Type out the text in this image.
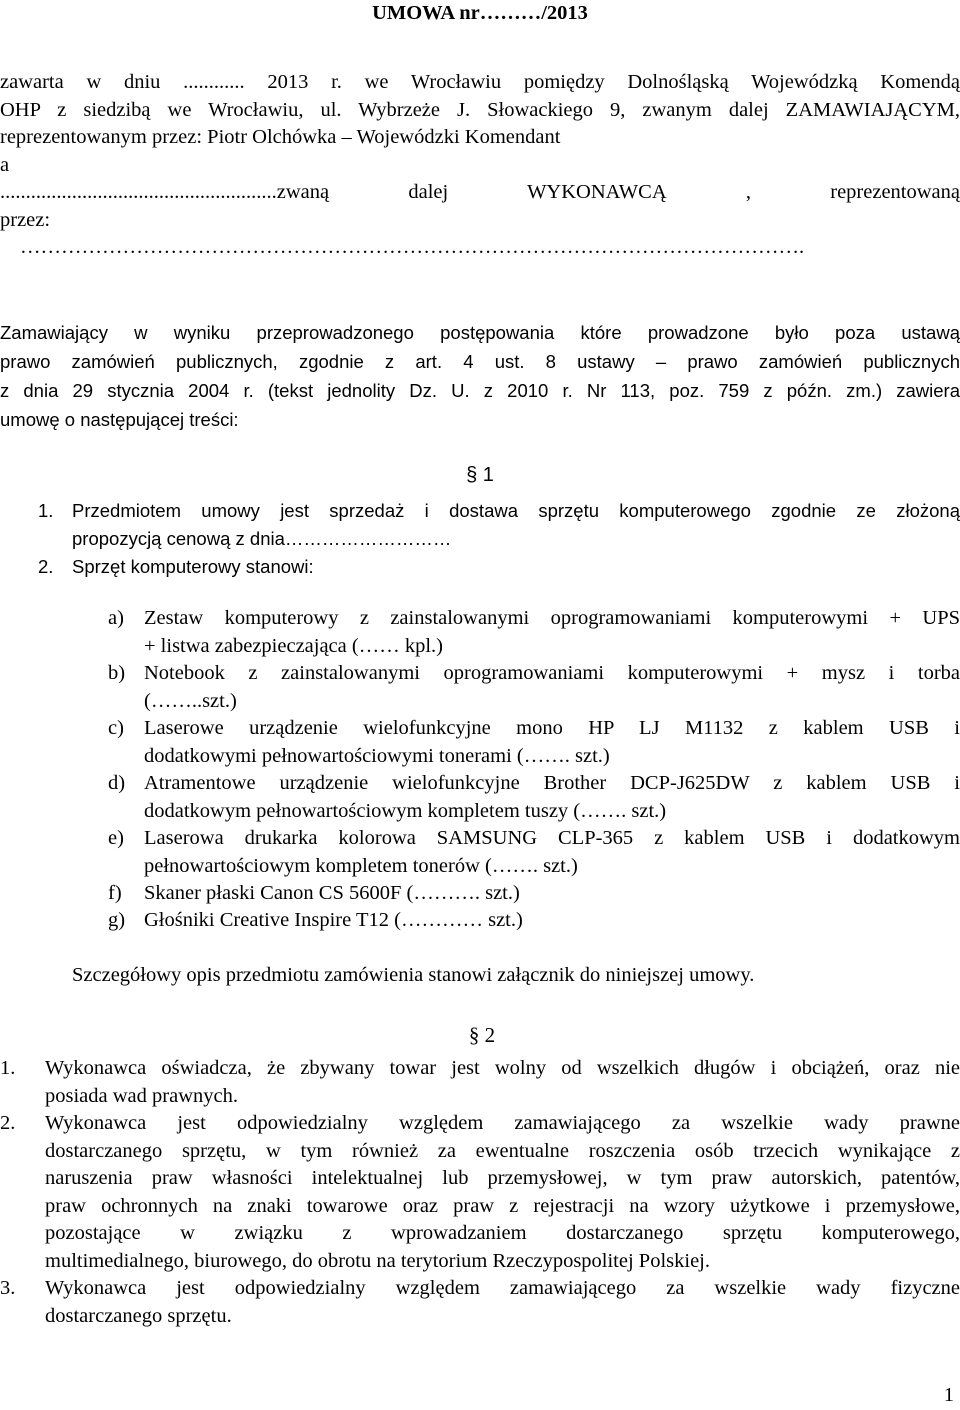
UMOWA nr………/2013
zawarta w dniu ............ 2013 r. we Wrocławiu pomiędzy Dolnośląską Wojewódzką Komendą
OHP z siedzibą we Wrocławiu, ul. Wybrzeże J. Słowackiego 9, zwanym dalej ZAMAWIAJĄCYM,
reprezentowanym przez: Piotr Olchówka – Wojewódzki Komendant
a
......................................................zwaną dalej WYKONAWCĄ , reprezentowaną
przez:
…………………………………………………………………………………………………….
Zamawiający w wyniku przeprowadzonego postępowania które prowadzone było poza ustawą
prawo zamówień publicznych, zgodnie z art. 4 ust. 8 ustawy – prawo zamówień publicznych
z dnia 29 stycznia 2004 r. (tekst jednolity Dz. U. z 2010 r. Nr 113, poz. 759 z późn. zm.) zawiera
umowę o następującej treści:
§ 1
1.	Przedmiotem umowy jest sprzedaż i dostawa sprzętu komputerowego zgodnie ze złożoną
propozycją cenową z dnia………………………
2.	Sprzęt komputerowy stanowi:
a) Zestaw komputerowy z zainstalowanymi oprogramowaniami komputerowymi + UPS
+ listwa zabezpieczająca (…… kpl.)
b) Notebook z zainstalowanymi oprogramowaniami komputerowymi + mysz i torba
(……..szt.)
c) Laserowe urządzenie wielofunkcyjne mono HP LJ M1132 z kablem USB i
dodatkowymi pełnowartościowymi tonerami (……. szt.)
d) Atramentowe urządzenie wielofunkcyjne Brother DCP-J625DW z kablem USB i
dodatkowym pełnowartościowym kompletem tuszy (……. szt.)
e) Laserowa drukarka kolorowa SAMSUNG CLP-365 z kablem USB i dodatkowym
pełnowartościowym kompletem tonerów (……. szt.)
f)	Skaner płaski Canon CS 5600F (………. szt.)
g) Głośniki Creative Inspire T12 (………… szt.)
Szczegółowy opis przedmiotu zamówienia stanowi załącznik do niniejszej umowy.
§ 2
1.	Wykonawca oświadcza, że zbywany towar jest wolny od wszelkich długów i obciążeń, oraz nie
posiada wad prawnych.
2.	Wykonawca jest odpowiedzialny względem zamawiającego za wszelkie wady prawne
dostarczanego sprzętu, w tym również za ewentualne roszczenia osób trzecich wynikające z
naruszenia praw własności intelektualnej lub przemysłowej, w tym praw autorskich, patentów,
praw ochronnych na znaki towarowe oraz praw z rejestracji na wzory użytkowe i przemysłowe,
pozostające w związku z wprowadzaniem dostarczanego sprzętu komputerowego,
multimedialnego, biurowego, do obrotu na terytorium Rzeczypospolitej Polskiej.
3.	Wykonawca jest odpowiedzialny względem zamawiającego za wszelkie wady fizyczne
dostarczanego sprzętu.
1
